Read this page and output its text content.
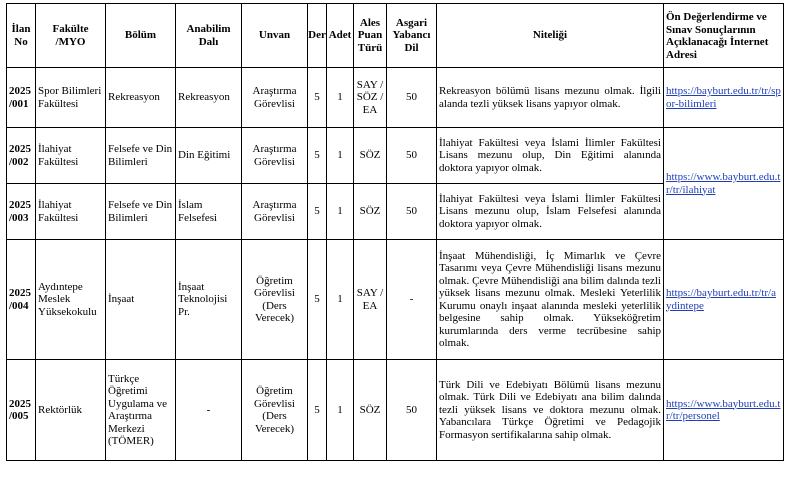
İlan No	Fakülte /MYO	Bölüm	Anabilim Dalı	Unvan	Der	Adet	Ales Puan Türü	Asgari Yabancı Dil	Niteliği	Ön Değerlendirme ve Sınav Sonuçlarının Açıklanacağı İnternet Adresi
2025 /001	Spor Bilimleri Fakültesi	Rekreasyon	Rekreasyon	Araştırma Görevlisi	5	1	SAY / SÖZ / EA	50	Rekreasyon bölümü lisans mezunu olmak. İlgili alanda tezli yüksek lisans yapıyor olmak.	https://bayburt.edu.tr/tr/spor-bilimleri
2025 /002	İlahiyat Fakültesi	Felsefe ve Din Bilimleri	Din Eğitimi	Araştırma Görevlisi	5	1	SÖZ	50	İlahiyat Fakültesi veya İslami İlimler Fakültesi Lisans mezunu olup, Din Eğitimi alanında doktora yapıyor olmak.	https://www.bayburt.edu.tr/tr/ilahiyat
2025 /003	İlahiyat Fakültesi	Felsefe ve Din Bilimleri	İslam Felsefesi	Araştırma Görevlisi	5	1	SÖZ	50	İlahiyat Fakültesi veya İslami İlimler Fakültesi Lisans mezunu olup, İslam Felsefesi alanında doktora yapıyor olmak.	
2025 /004	Aydıntepe Meslek Yüksekokulu	İnşaat	İnşaat Teknolojisi Pr.	Öğretim Görevlisi (Ders Verecek)	5	1	SAY / EA	-	İnşaat Mühendisliği, İç Mimarlık ve Çevre Tasarımı veya Çevre Mühendisliği lisans mezunu olmak. Çevre Mühendisliği ana bilim dalında tezli yüksek lisans mezunu olmak. Mesleki Yeterlilik Kurumu onaylı inşaat alanında mesleki yeterlilik belgesine sahip olmak. Yükseköğretim kurumlarında ders verme tecrübesine sahip olmak.	https://bayburt.edu.tr/tr/aydintepe
2025 /005	Rektörlük	Türkçe Öğretimi Uygulama ve Araştırma Merkezi (TÖMER)	-	Öğretim Görevlisi (Ders Verecek)	5	1	SÖZ	50	Türk Dili ve Edebiyatı Bölümü lisans mezunu olmak. Türk Dili ve Edebiyatı ana bilim dalında tezli yüksek lisans ve doktora mezunu olmak. Yabancılara Türkçe Öğretimi ve Pedagojik Formasyon sertifikalarına sahip olmak.	https://www.bayburt.edu.tr/tr/personel
